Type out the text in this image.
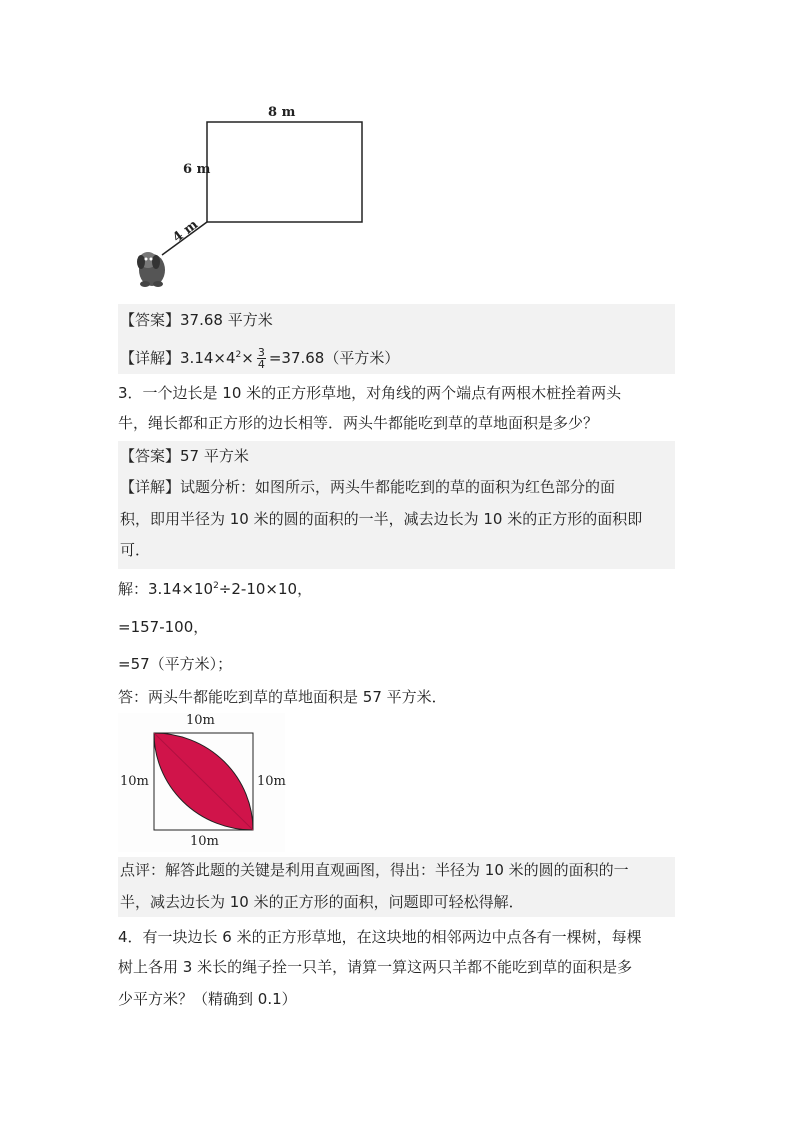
8 m
6 m
4 m
【答案】37.68 平方米
【详解】$3.14\times 4^2\times \frac{3}{4} =37.68$（平方米）
3．一个边长是 10 米的正方形草地，对角线的两个端点有两根木桩拴着两头
牛，绳长都和正方形的边长相等．两头牛都能吃到草的草地面积是多少？
【答案】57 平方米
【详解】试题分析：如图所示，两头牛都能吃到的草的面积为红色部分的面
积，即用半径为 10 米的圆的面积的一半，减去边长为 10 米的正方形的面积即
可．
解：$3.14\times 10^2\div 2-10\times 10$，
=157-100，
=57（平方米）；
答：两头牛都能吃到草的草地面积是 57 平方米．
10m
10m	10m
10m
点评：解答此题的关键是利用直观画图，得出：半径为 10 米的圆的面积的一
半，减去边长为 10 米的正方形的面积，问题即可轻松得解．
4．有一块边长 6 米的正方形草地，在这块地的相邻两边中点各有一棵树，每棵
树上各用 3 米长的绳子拴一只羊，请算一算这两只羊都不能吃到草的面积是多
少平方米？（精确到 0.1）
